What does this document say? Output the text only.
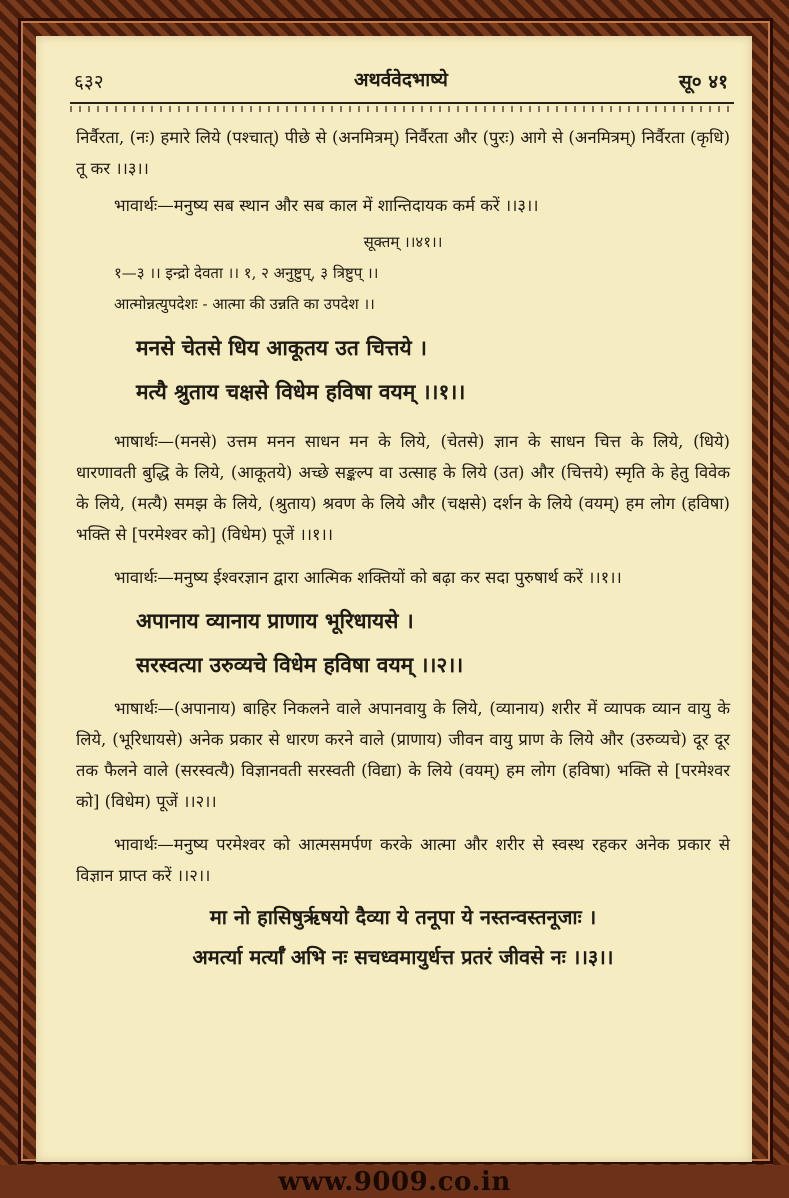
६३२	अथर्ववेदभाष्ये	सू० ४१

निर्वैरता, (नः) हमारे लिये (पश्चात्) पीछे से (अनमित्रम्) निर्वैरता और (पुरः) आगे से (अनमित्रम्) निर्वैरता (कृधि) तू कर ।।३।।

भावार्थः—मनुष्य सब स्थान और सब काल में शान्तिदायक कर्म करें ।।३।।

सूक्तम् ।।४१।।

१—३ ।। इन्द्रो देवता ।। १, २ अनुष्टुप्, ३ त्रिष्टुप् ।।

आत्मोन्नत्युपदेशः - आत्मा की उन्नति का उपदेश ।।

मनसे चेतसे धिय आकूतय उत चित्तये ।

मत्यै श्रुताय चक्षसे विधेम हविषा वयम् ।।१।।

भाषार्थः—(मनसे) उत्तम मनन साधन मन के लिये, (चेतसे) ज्ञान के साधन चित्त के लिये, (धिये) धारणावती बुद्धि के लिये, (आकूतये) अच्छे सङ्कल्प वा उत्साह के लिये (उत) और (चित्तये) स्मृति के हेतु विवेक के लिये, (मत्यै) समझ के लिये, (श्रुताय) श्रवण के लिये और (चक्षसे) दर्शन के लिये (वयम्) हम लोग (हविषा) भक्ति से [परमेश्वर को] (विधेम) पूजें ।।१।।

भावार्थः—मनुष्य ईश्वरज्ञान द्वारा आत्मिक शक्तियों को बढ़ा कर सदा पुरुषार्थ करें ।।१।।

अपानाय व्यानाय प्राणाय भूरिधायसे ।

सरस्वत्या उरुव्यचे विधेम हविषा वयम् ।।२।।

भाषार्थः—(अपानाय) बाहिर निकलने वाले अपानवायु के लिये, (व्यानाय) शरीर में व्यापक व्यान वायु के लिये, (भूरिधायसे) अनेक प्रकार से धारण करने वाले (प्राणाय) जीवन वायु प्राण के लिये और (उरुव्यचे) दूर दूर तक फैलने वाले (सरस्वत्यै) विज्ञानवती सरस्वती (विद्या) के लिये (वयम्) हम लोग (हविषा) भक्ति से [परमेश्वर को] (विधेम) पूजें ।।२।।

भावार्थः—मनुष्य परमेश्वर को आत्मसमर्पण करके आत्मा और शरीर से स्वस्थ रहकर अनेक प्रकार से विज्ञान प्राप्त करें ।।२।।

मा नो हासिषुर्ऋषयो दैव्या ये तनूपा ये नस्तन्वस्तनूजाः ।

अमर्त्या मर्त्याँ अभि नः सचध्वमायुर्धत्त प्रतरं जीवसे नः ।।३।।

www.9009.co.in
